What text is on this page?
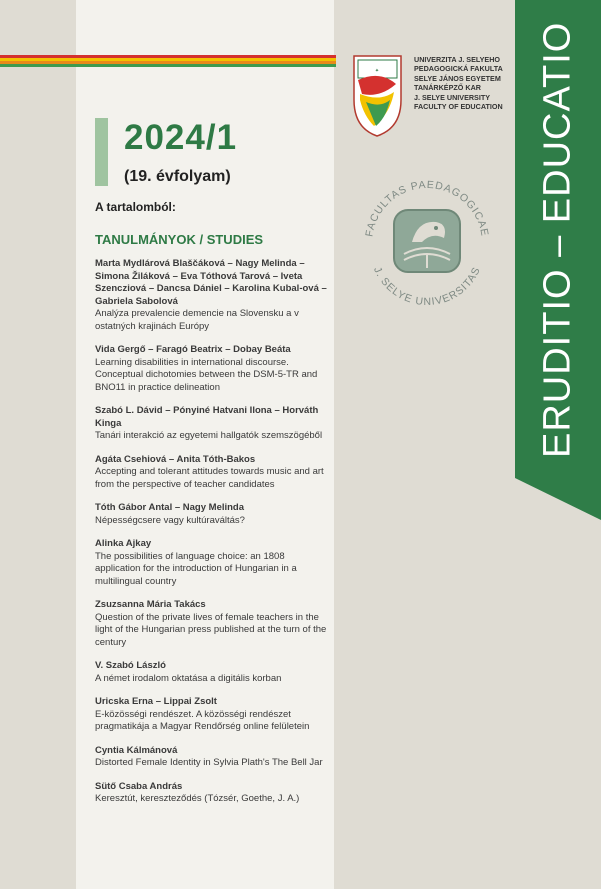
2024/1
(19. évfolyam)
A tartalomból:
TANULMÁNYOK / STUDIES
Marta Mydlárová Blaščáková – Nagy Melinda – Simona Žiláková – Eva Tóthová Tarová – Iveta Szencziová – Dancsa Dániel – Karolina Kubal-ová – Gabriela Sabolová
Analýza prevalencie demencie na Slovensku a v ostatných krajinách Európy
Vida Gergő – Faragó Beatrix – Dobay Beáta
Learning disabilities in international discourse. Conceptual dichotomies between the DSM-5-TR and BNO11 in practice delineation
Szabó L. Dávid – Pónyiné Hatvani Ilona – Horváth Kinga
Tanári interakció az egyetemi hallgatók szemszögéből
Agáta Csehiová – Anita Tóth-Bakos
Accepting and tolerant attitudes towards music and art from the perspective of teacher candidates
Tóth Gábor Antal – Nagy Melinda
Népességcsere vagy kultúraváltás?
Alinka Ajkay
The possibilities of language choice: an 1808 application for the introduction of Hungarian in a multilingual country
Zsuzsanna Mária Takács
Question of the private lives of female teachers in the light of the Hungarian press published at the turn of the century
V. Szabó László
A német irodalom oktatása a digitális korban
Uricska Erna – Lippai Zsolt
E-közösségi rendészet. A közösségi rendészet pragmatikája a Magyar Rendőrség online felületein
Cyntia Kálmánová
Distorted Female Identity in Sylvia Plath's The Bell Jar
Sütő Csaba András
Keresztút, kereszteződés (Tózsér, Goethe, J. A.)
✦
UNIVERZITA J. SELYEHO
PEDAGOGICKÁ FAKULTA
SELYE JÁNOS EGYETEM
TANÁRKÉPZŐ KAR
J. SELYE UNIVERSITY
FACULTY OF EDUCATION
FACULTAS PAEDAGOGICAE
J. SELYE UNIVERSITAS	ERUDITIO – EDUCATIO
